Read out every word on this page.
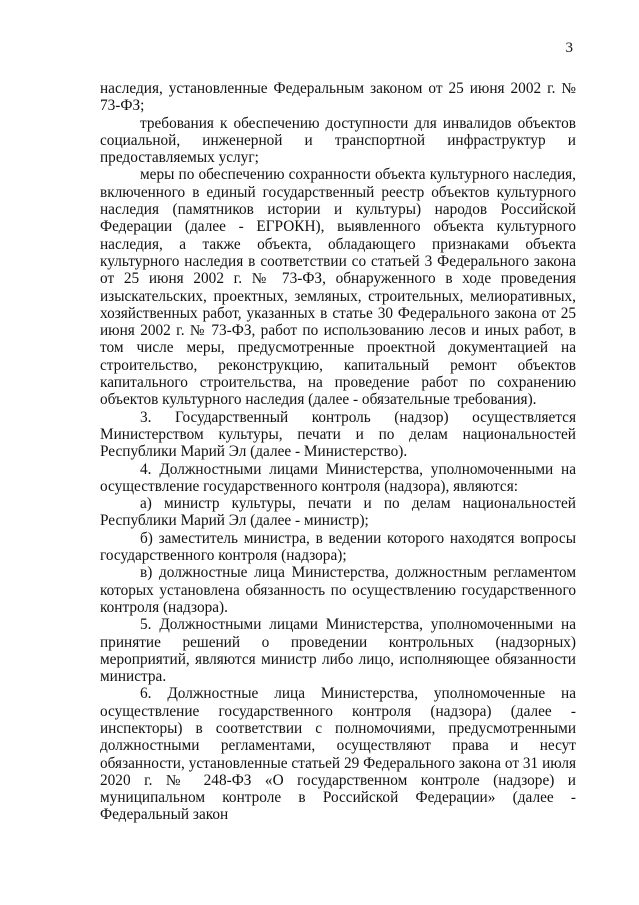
3

наследия, установленные Федеральным законом от 25 июня 2002 г. № 73-ФЗ;

требования к обеспечению доступности для инвалидов объектов социальной, инженерной и транспортной инфраструктур и предоставляемых услуг;

меры по обеспечению сохранности объекта культурного наследия, включенного в единый государственный реестр объектов культурного наследия (памятников истории и культуры) народов Российской Федерации (далее - ЕГРОКН), выявленного объекта культурного наследия, а также объекта, обладающего признаками объекта культурного наследия в соответствии со статьей 3 Федерального закона от 25 июня 2002 г. № 73-ФЗ, обнаруженного в ходе проведения изыскательских, проектных, земляных, строительных, мелиоративных, хозяйственных работ, указанных в статье 30 Федерального закона от 25 июня 2002 г. № 73-ФЗ, работ по использованию лесов и иных работ, в том числе меры, предусмотренные проектной документацией на строительство, реконструкцию, капитальный ремонт объектов капитального строительства, на проведение работ по сохранению объектов культурного наследия (далее - обязательные требования).

3. Государственный контроль (надзор) осуществляется Министерством культуры, печати и по делам национальностей Республики Марий Эл (далее - Министерство).

4. Должностными лицами Министерства, уполномоченными на осуществление государственного контроля (надзора), являются:

а) министр культуры, печати и по делам национальностей Республики Марий Эл (далее - министр);

б) заместитель министра, в ведении которого находятся вопросы государственного контроля (надзора);

в) должностные лица Министерства, должностным регламентом которых установлена обязанность по осуществлению государственного контроля (надзора).

5. Должностными лицами Министерства, уполномоченными на принятие решений о проведении контрольных (надзорных) мероприятий, являются министр либо лицо, исполняющее обязанности министра.

6. Должностные лица Министерства, уполномоченные на осуществление государственного контроля (надзора) (далее - инспекторы) в соответствии с полномочиями, предусмотренными должностными регламентами, осуществляют права и несут обязанности, установленные статьей 29 Федерального закона от 31 июля 2020 г. № 248-ФЗ «О государственном контроле (надзоре) и муниципальном контроле в Российской Федерации» (далее - Федеральный закон
